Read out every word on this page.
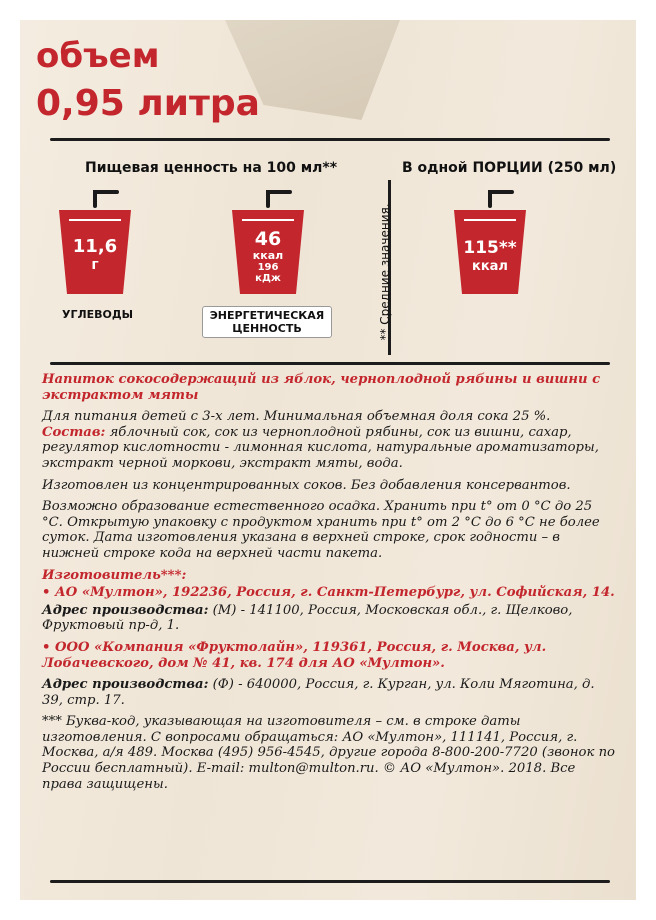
объем
0,95 литра
Пищевая ценность на 100 мл**	В одной ПОРЦИИ (250 мл)
11,6
г
УГЛЕВОДЫ
46
ккал
196
кДж
ЭНЕРГЕТИЧЕСКАЯ
ЦЕННОСТЬ	** Средние значения.	115**
ккал

Напиток сокосодержащий из яблок, черноплодной рябины и вишни с экстрактом мяты

Для питания детей с 3-х лет. Минимальная объемная доля сока 25 %.

Состав: яблочный сок, сок из черноплодной рябины, сок из вишни, сахар, регулятор кислотности - лимонная кислота, натуральные ароматизаторы, экстракт черной моркови, экстракт мяты, вода.

Изготовлен из концентрированных соков. Без добавления консервантов.

Возможно образование естественного осадка. Хранить при t° от 0 °С до 25 °С. Открытую упаковку с продуктом хранить при t° от 2 °С до 6 °С не более суток. Дата изготовления указана в верхней строке, срок годности – в нижней строке кода на верхней части пакета.

Изготовитель***:

• АО «Мултон», 192236, Россия, г. Санкт-Петербург, ул. Софийская, 14.

Адрес производства: (М) - 141100, Россия, Московская обл., г. Щелково, Фруктовый пр-д, 1.

• ООО «Компания «Фруктолайн», 119361, Россия, г. Москва, ул. Лобачевского, дом № 41, кв. 174 для АО «Мултон».

Адрес производства: (Ф) - 640000, Россия, г. Курган, ул. Коли Мяготина, д. 39, стр. 17.

*** Буква-код, указывающая на изготовителя – см. в строке даты изготовления. С вопросами обращаться: АО «Мултон», 111141, Россия, г. Москва, а/я 489. Москва (495) 956-4545, другие города 8-800-200-7720 (звонок по России бесплатный). E-mail: multon@multon.ru. © АО «Мултон». 2018. Все права защищены.
